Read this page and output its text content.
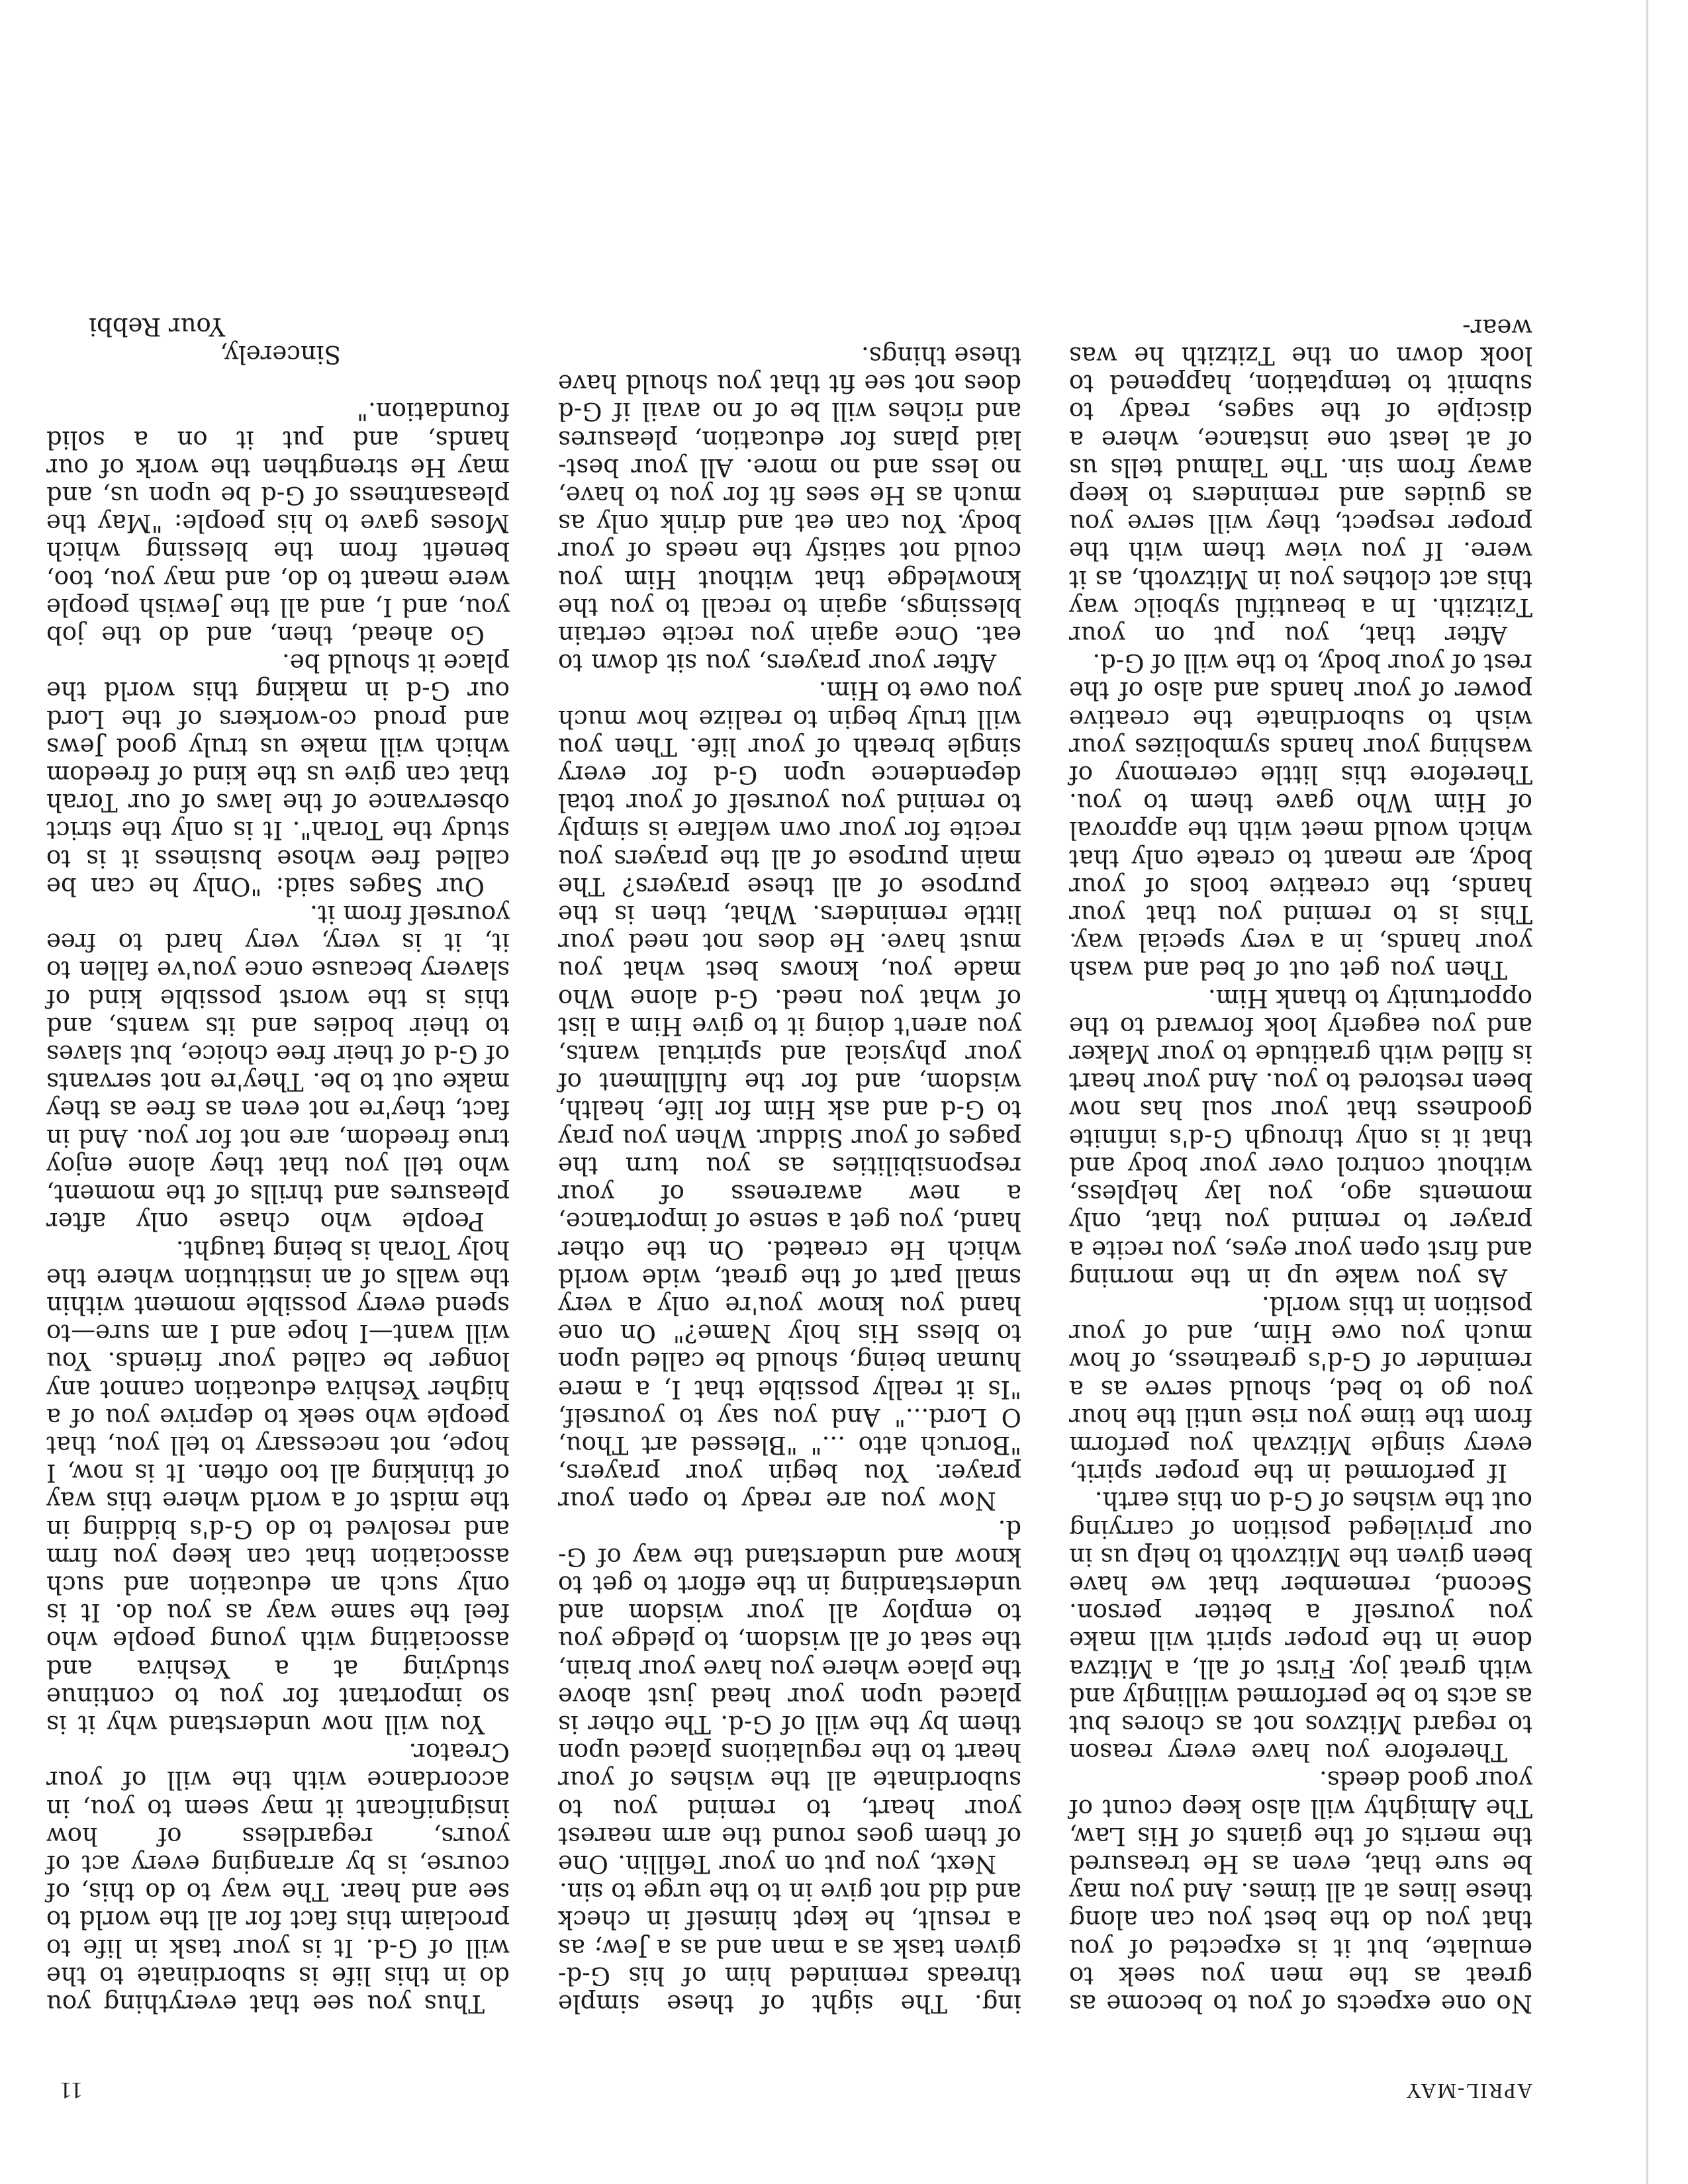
APRIL-MAY
11

No one expects of you to become as great as the men you seek to emulate, but it is expected of you that you do the best you can along these lines at all times. And you may be sure that, even as He treasured the merits of the giants of His Law, The Almighty will also keep count of your good deeds.

Therefore you have every reason to regard Mitzvos not as chores but as acts to be performed willingly and with great joy. First of all, a Mitzva done in the proper spirit will make you yourself a better person. Second, remember that we have been given the Mitzvoth to help us in our privileged position of carrying out the wishes of G-d on this earth.

If performed in the proper spirit, every single Mitzvah you perform from the time you rise until the hour you go to bed, should serve as a reminder of G-d's greatness, of how much you owe Him, and of your position in this world.

As you wake up in the morning and first open your eyes, you recite a prayer to remind you that, only moments ago, you lay helpless, without control over your body and that it is only through G-d's infinite goodness that your soul has now been restored to you. And your heart is filled with gratitude to your Maker and you eagerly look forward to the opportunity to thank Him.

Then you get out of bed and wash your hands, in a very special way. This is to remind you that your hands, the creative tools of your body, are meant to create only that which would meet with the approval of Him Who gave them to you. Therefore this little ceremony of washing your hands symbolizes your wish to subordinate the creative power of your hands and also of the rest of your body, to the will of G-d.

After that, you put on your Tzitzith. In a beautiful syboilc way this act clothes you in Mitzvoth, as it were. If you view them with the proper respect, they will serve you as guides and reminders to keep away from sin. The Talmud tells us of at least one instance, where a disciple of the sages, ready to submit to temptation, happened to look down on the Tzitzith he was wear-

ing. The sight of these simple threads reminded him of his G-d-given task as a man and as a Jew; as a result, he kept himself in check and did not give in to the urge to sin.

Next, you put on your Tefillin. One of them goes round the arm nearest your heart, to remind you to subordinate all the wishes of your heart to the regulations placed upon them by the will of G-d. The other is placed upon your head just above the place where you have your brain, the seat of all wisdom, to pledge you to employ all your wisdom and understanding in the effort to get to know and understand the way of G-d.

Now you are ready to open your prayer. You begin your prayers, "Boruch atto ..." "Blessed art Thou, O Lord..." And you say to yourself, "Is it really possible that I, a mere human being, should be called upon to bless His holy Name?" On one hand you know you're only a very small part of the great, wide world which He created. On the other hand, you get a sense of importance, a new awareness of your responsibilities as you turn the pages of your Siddur. When you pray to G-d and ask Him for life, health, wisdom, and for the fulfillment of your physical and spiritual wants, you aren't doing it to give Him a list of what you need. G-d alone Who made you, knows best what you must have. He does not need your little reminders. What, then is the purpose of all these prayers? The main purpose of all the prayers you recite for your own welfare is simply to remind you yourself of your total dependence upon G-d for every single breath of your life. Then you will truly begin to realize how much you owe to Him.

After your prayers, you sit down to eat. Once again you recite certain blessings, again to recall to you the knowledge that without Him you could not satisfy the needs of your body. You can eat and drink only as much as He sees fit for you to have, no less and no more. All your best-laid plans for education, pleasures and riches will be of no avail if G-d does not see fit that you should have these things.

Thus you see that everything you do in this life is subordinate to the will of G-d. It is your task in life to proclaim this fact for all the world to see and hear. The way to do this, of course, is by arranging every act of yours, regardless of how insignificant it may seem to you, in accordance with the will of your Creator.

You will now understand why it is so important for you to continue studying at a Yeshiva and associating with young people who feel the same way as you do. It is only such an education and such association that can keep you firm and resolved to do G-d's bidding in the midst of a world where this way of thinking all too often. It is now, I hope, not necessary to tell you, that people who seek to deprive you of a higher Yeshiva education cannot any longer be called your friends. You will want—I hope and I am sure—to spend every possible moment within the walls of an institution where the holy Torah is being taught.

People who chase only after pleasures and thrills of the moment, who tell you that they alone enjoy true freedom, are not for you. And in fact, they're not even as free as they make out to be. They're not servants of G-d of their free choice, but slaves to their bodies and its wants, and this is the worst possible kind of slavery because once you've fallen to it, it is very, very hard to free yourself from it.

Our Sages said: "Only he can be called free whose business it is to study the Torah". It is only the strict observance of the laws of our Torah that can give us the kind of freedom which will make us truly good Jews and proud co-workers of the Lord our G-d in making this world the place it should be.

Go ahead, then, and do the job you, and I, and all the Jewish people were meant to do, and may you, too, benefit from the blessing which Moses gave to his people: "May the pleasantness of G-d be upon us, and may He strengthen the work of our hands, and put it on a solid foundation."

Sincerely,
Your Rebbi
